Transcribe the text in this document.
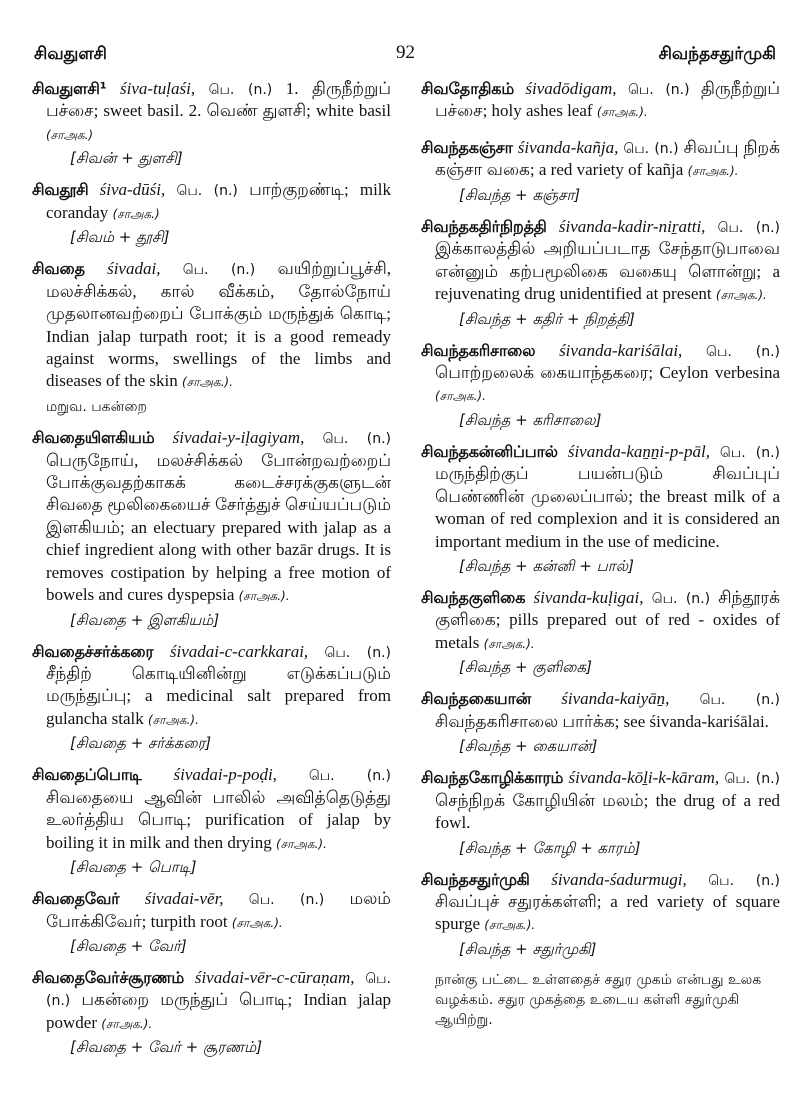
சிவதுளசி	92	சிவந்தசதுர்முகி
சிவதுளசி¹ śiva-tuḷaśi, பெ. (n.) 1. திருநீற்றுப் பச்சை; sweet basil. 2. வெண் துளசி; white basil (சாஅக.)
[சிவன் + துளசி]
சிவதூசி śiva-dūśi, பெ. (n.) பாற்குறண்டி; milk coranday (சாஅக.)
[சிவம் + தூசி]
சிவதை śivadai, பெ. (n.) வயிற்றுப்பூச்சி, மலச்சிக்கல், கால் வீக்கம், தோல்நோய் முதலானவற்றைப் போக்கும் மருந்துக் கொடி; Indian jalap turpath root; it is a good remeady against worms, swellings of the limbs and diseases of the skin (சாஅக.).
மறுவ. பகன்றை
சிவதையிளகியம் śivadai-y-iḷagiyam, பெ. (n.) பெருநோய், மலச்சிக்கல் போன்றவற்றைப் போக்குவதற்காகக் கடைச்சரக்குகளுடன் சிவதை மூலிகையைச் சேர்த்துச் செய்யப்படும் இளகியம்; an electuary prepared with jalap as a chief ingredient along with other bazār drugs. It is removes costipation by helping a free motion of bowels and cures dyspepsia (சாஅக.).
[சிவதை + இளகியம்]
சிவதைச்சர்க்கரை śivadai-c-carkkarai, பெ. (n.) சீந்திற் கொடியினின்று எடுக்கப்படும் மருந்துப்பு; a medicinal salt prepared from gulancha stalk (சாஅக.).
[சிவதை + சர்க்கரை]
சிவதைப்பொடி śivadai-p-poḍi, பெ. (n.) சிவதையை ஆவின் பாலில் அவித்தெடுத்து உலர்த்திய பொடி; purification of jalap by boiling it in milk and then drying (சாஅக.).
[சிவதை + பொடி]
சிவதைவேர் śivadai-vēr, பெ. (n.) மலம் போக்கிவேர்; turpith root (சாஅக.).
[சிவதை + வேர்]
சிவதைவேர்ச்சூரணம் śivadai-vēr-c-cūraṇam, பெ. (n.) பகன்றை மருந்துப் பொடி; Indian jalap powder (சாஅக.).
[சிவதை + வேர் + சூரணம்]
சிவதோதிகம் śivadōdigam, பெ. (n.) திருநீற்றுப் பச்சை; holy ashes leaf (சாஅக.).
சிவந்தகஞ்சா śivanda-kañja, பெ. (n.) சிவப்பு நிறக் கஞ்சா வகை; a red variety of kañja (சாஅக.).
[சிவந்த + கஞ்சா]
சிவந்தகதிர்நிறத்தி śivanda-kadir-niṟatti, பெ. (n.) இக்காலத்தில் அறியப்படாத சேந்தாடுபாவை என்னும் கற்பமூலிகை வகையு ளொன்று; a rejuvenating drug unidentified at present (சாஅக.).
[சிவந்த + கதிர் + நிறத்தி]
சிவந்தகரிசாலை śivanda-kariśālai, பெ. (n.) பொற்றலைக் கையாந்தகரை; Ceylon verbesina (சாஅக.).
[சிவந்த + கரிசாலை]
சிவந்தகன்னிப்பால் śivanda-kaṉṉi-p-pāl, பெ. (n.) மருந்திற்குப் பயன்படும் சிவப்புப் பெண்ணின் முலைப்பால்; the breast milk of a woman of red complexion and it is considered an important medium in the use of medicine.
[சிவந்த + கன்னி + பால்]
சிவந்தகுளிகை śivanda-kuḷigai, பெ. (n.) சிந்தூரக் குளிகை; pills prepared out of red - oxides of metals (சாஅக.).
[சிவந்த + குளிகை]
சிவந்தகையான் śivanda-kaiyāṉ, பெ. (n.) சிவந்தகரிசாலை பார்க்க; see śivanda-kariśālai.
[சிவந்த + கையான்]
சிவந்தகோழிக்காரம் śivanda-kōḻi-k-kāram, பெ. (n.) செந்நிறக் கோழியின் மலம்; the drug of a red fowl.
[சிவந்த + கோழி + காரம்]
சிவந்தசதுர்முகி śivanda-śadurmugi, பெ. (n.) சிவப்புச் சதுரக்கள்ளி; a red variety of square spurge (சாஅக.).
[சிவந்த + சதுர்முகி]
நான்கு பட்டை உள்ளதைச் சதுர முகம் என்பது உலக வழக்கம். சதுர முகத்தை உடைய கள்ளி சதுர்முகி ஆயிற்று.
